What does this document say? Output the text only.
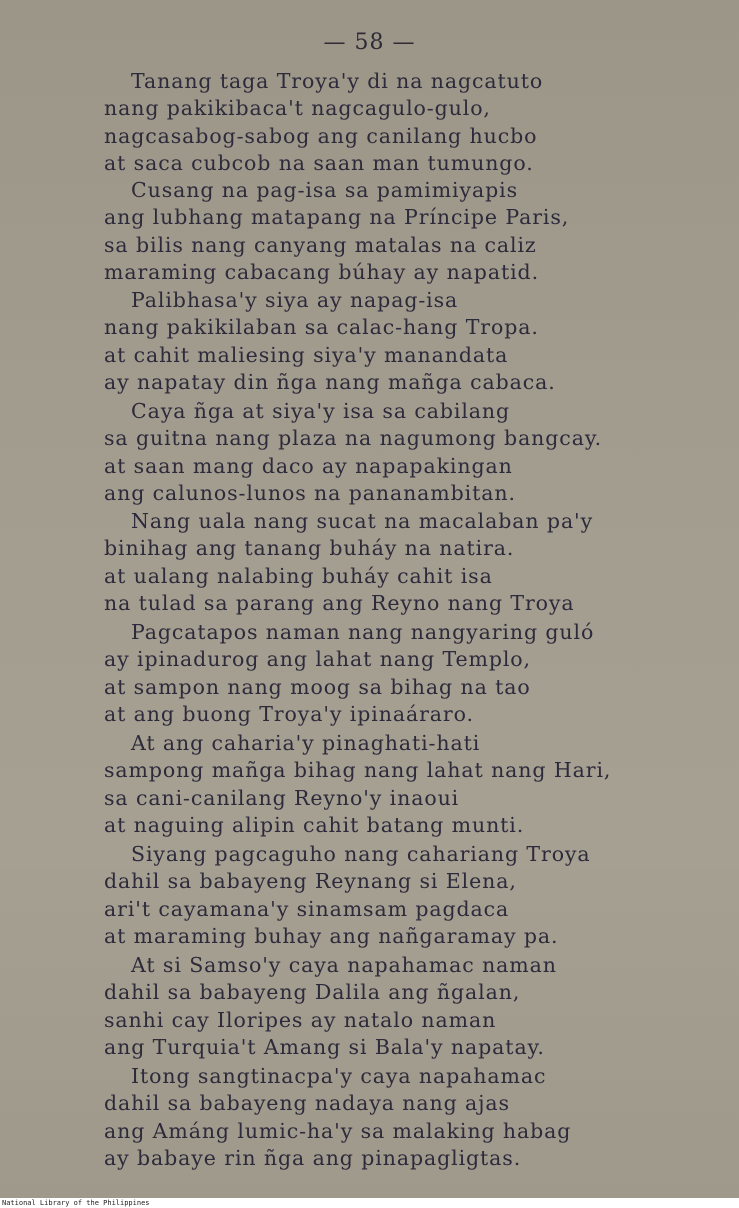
— 58 —
Tanang taga Troya'y di na nagcatuto
nang pakikibaca't nagcagulo-gulo,
nagcasabog-sabog ang canilang hucbo
at saca cubcob na saan man tumungo.
Cusang na pag-isa sa pamimiyapis
ang lubhang matapang na Príncipe Paris,
sa bilis nang canyang matalas na caliz
maraming cabacang búhay ay napatid.
Palibhasa'y siya ay napag-isa
nang pakikilaban sa calac-hang Tropa.
at cahit maliesing siya'y manandata
ay napatay din ñga nang mañga cabaca.
Caya ñga at siya'y isa sa cabilang
sa guitna nang plaza na nagumong bangcay.
at saan mang daco ay napapakingan
ang calunos-lunos na pananambitan.
Nang uala nang sucat na macalaban pa'y
binihag ang tanang buháy na natira.
at ualang nalabing buháy cahit isa
na tulad sa parang ang Reyno nang Troya
Pagcatapos naman nang nangyaring guló
ay ipinadurog ang lahat nang Templo,
at sampon nang moog sa bihag na tao
at ang buong Troya'y ipinaáraro.
At ang caharia'y pinaghati-hati
sampong mañga bihag nang lahat nang Hari,
sa cani-canilang Reyno'y inaoui
at naguing alipin cahit batang munti.
Siyang pagcaguho nang cahariang Troya
dahil sa babayeng Reynang si Elena,
ari't cayamana'y sinamsam pagdaca
at maraming buhay ang nañgaramay pa.
At si Samso'y caya napahamac naman
dahil sa babayeng Dalila ang ñgalan,
sanhi cay Iloripes ay natalo naman
ang Turquia't Amang si Bala'y napatay.
Itong sangtinacpa'y caya napahamac
dahil sa babayeng nadaya nang ajas
ang Amáng lumic-ha'y sa malaking habag
ay babaye rin ñga ang pinapagligtas.
National Library of the Philippines
